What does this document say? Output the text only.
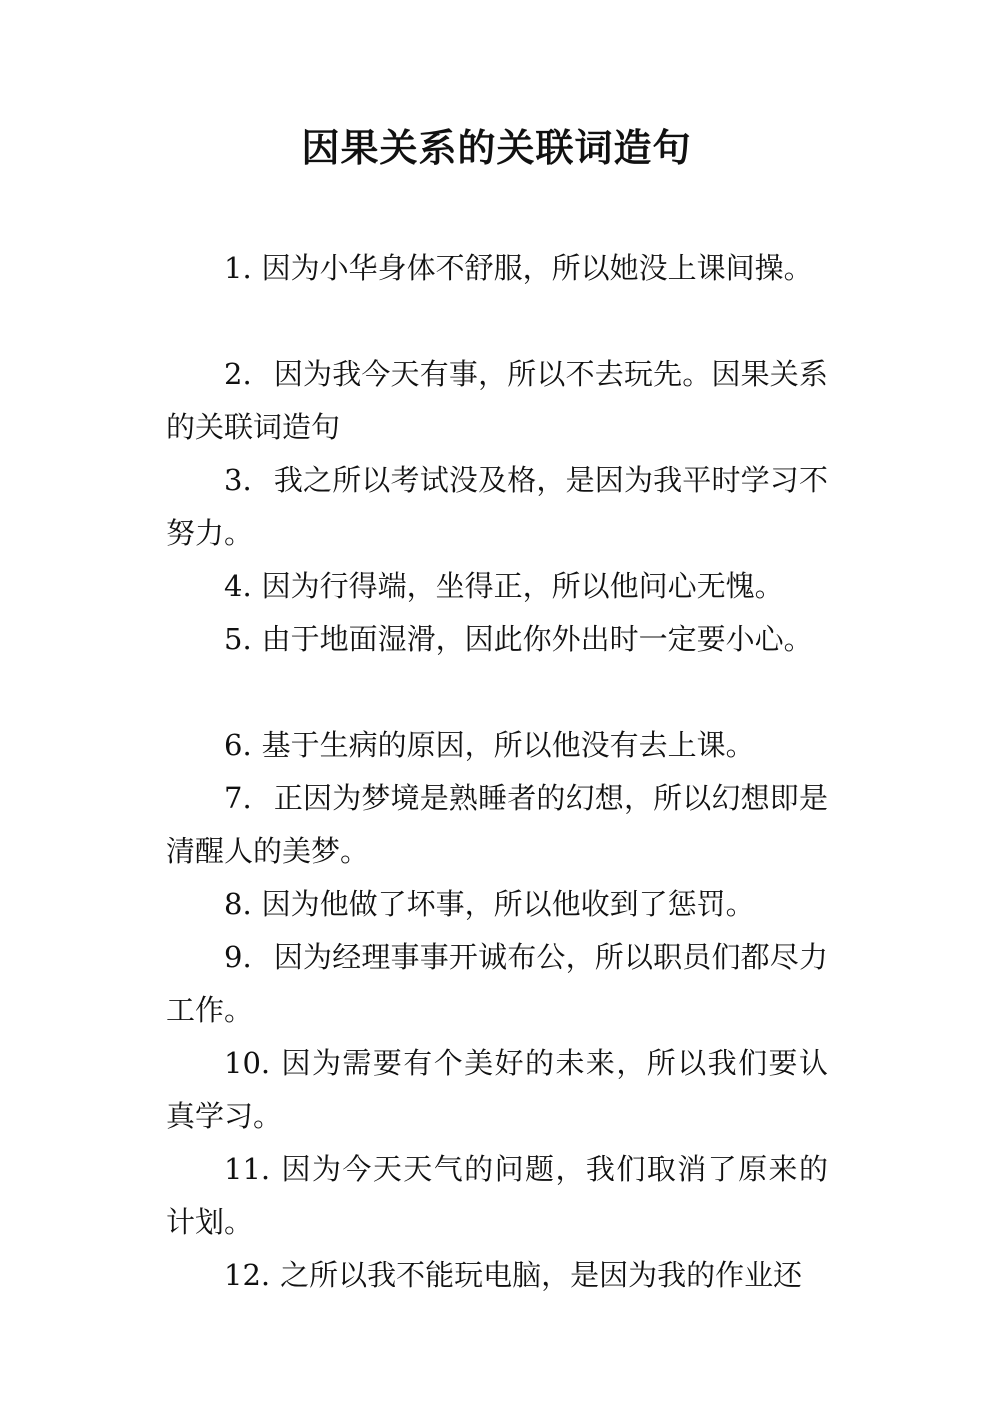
因果关系的关联词造句

1. 因为小华身体不舒服，所以她没上课间操。

2. 因为我今天有事，所以不去玩先。因果关系的关联词造句

3. 我之所以考试没及格，是因为我平时学习不努力。

4. 因为行得端，坐得正，所以他问心无愧。

5. 由于地面湿滑，因此你外出时一定要小心。

6. 基于生病的原因，所以他没有去上课。

7. 正因为梦境是熟睡者的幻想，所以幻想即是清醒人的美梦。

8. 因为他做了坏事，所以他收到了惩罚。

9. 因为经理事事开诚布公，所以职员们都尽力工作。

10. 因为需要有个美好的未来，所以我们要认真学习。

11. 因为今天天气的问题，我们取消了原来的计划。

12. 之所以我不能玩电脑，是因为我的作业还
